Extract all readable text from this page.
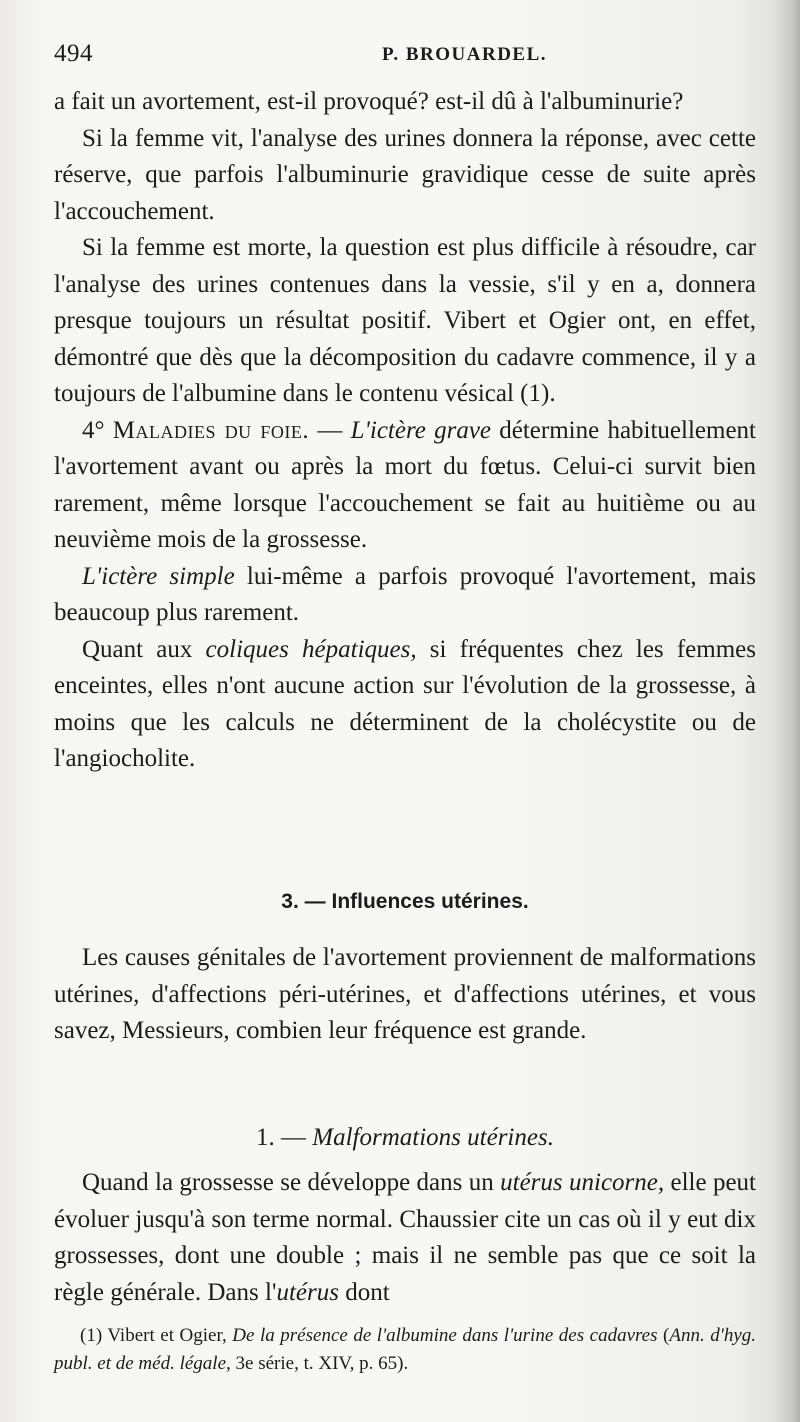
494	P. BROUARDEL.

a fait un avortement, est-il provoqué? est-il dû à l'albuminurie?

Si la femme vit, l'analyse des urines donnera la réponse, avec cette réserve, que parfois l'albuminurie gravidique cesse de suite après l'accouchement.

Si la femme est morte, la question est plus difficile à résoudre, car l'analyse des urines contenues dans la vessie, s'il y en a, donnera presque toujours un résultat positif. Vibert et Ogier ont, en effet, démontré que dès que la décomposition du cadavre commence, il y a toujours de l'albumine dans le contenu vésical (1).

4° Maladies du foie. — L'ictère grave détermine habituellement l'avortement avant ou après la mort du fœtus. Celui-ci survit bien rarement, même lorsque l'accouchement se fait au huitième ou au neuvième mois de la grossesse.

L'ictère simple lui-même a parfois provoqué l'avortement, mais beaucoup plus rarement.

Quant aux coliques hépatiques, si fréquentes chez les femmes enceintes, elles n'ont aucune action sur l'évolution de la grossesse, à moins que les calculs ne déterminent de la cholécystite ou de l'angiocholite.

3. — Influences utérines.

Les causes génitales de l'avortement proviennent de malformations utérines, d'affections péri-utérines, et d'affections utérines, et vous savez, Messieurs, combien leur fréquence est grande.

1. — Malformations utérines.

Quand la grossesse se développe dans un utérus unicorne, elle peut évoluer jusqu'à son terme normal. Chaussier cite un cas où il y eut dix grossesses, dont une double ; mais il ne semble pas que ce soit la règle générale. Dans l'utérus dont

(1) Vibert et Ogier, De la présence de l'albumine dans l'urine des cadavres (Ann. d'hyg. publ. et de méd. légale, 3e série, t. XIV, p. 65).
